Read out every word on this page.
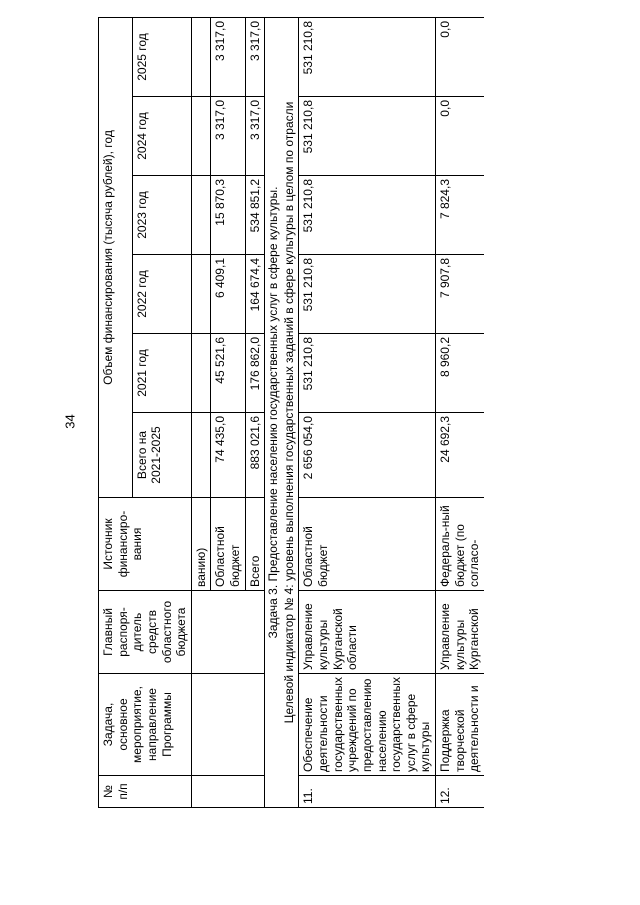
34
№ п/п	Задача, основное мероприятие, направление Программы	Главный распоря-дитель средств областного бюджета	Источник финансиро-вания	Объем финансирования (тысяча рублей), год					
				Всего на 2021-2025	2021 год	2022 год	2023 год	2024 год	2025 год
			ванию)						
			Областной бюджет	74 435,0	45 521,6	6 409,1	15 870,3	3 317,0	3 317,0
			Всего	883 021,6	176 862,0	164 674,4	534 851,2	3 317,0	3 317,0

Задача 3. Предоставление населению государственных услуг в сфере культуры. Целевой индикатор № 4: уровень выполнения государственных заданий в сфере культуры в целом по отрасли									

11.	Обеспечение деятельности государственных учреждений по предоставлению населению государственных услуг в сфере культуры	Управление культуры Курганской области	Областной бюджет	2 656 054,0	531 210,8	531 210,8	531 210,8	531 210,8	531 210,8
12.	Поддержка творческой деятельности и	Управление культуры Курганской	Федераль-ный бюджет (по согласо-	24 692,3	8 960,2	7 907,8	7 824,3	0,0	0,0
